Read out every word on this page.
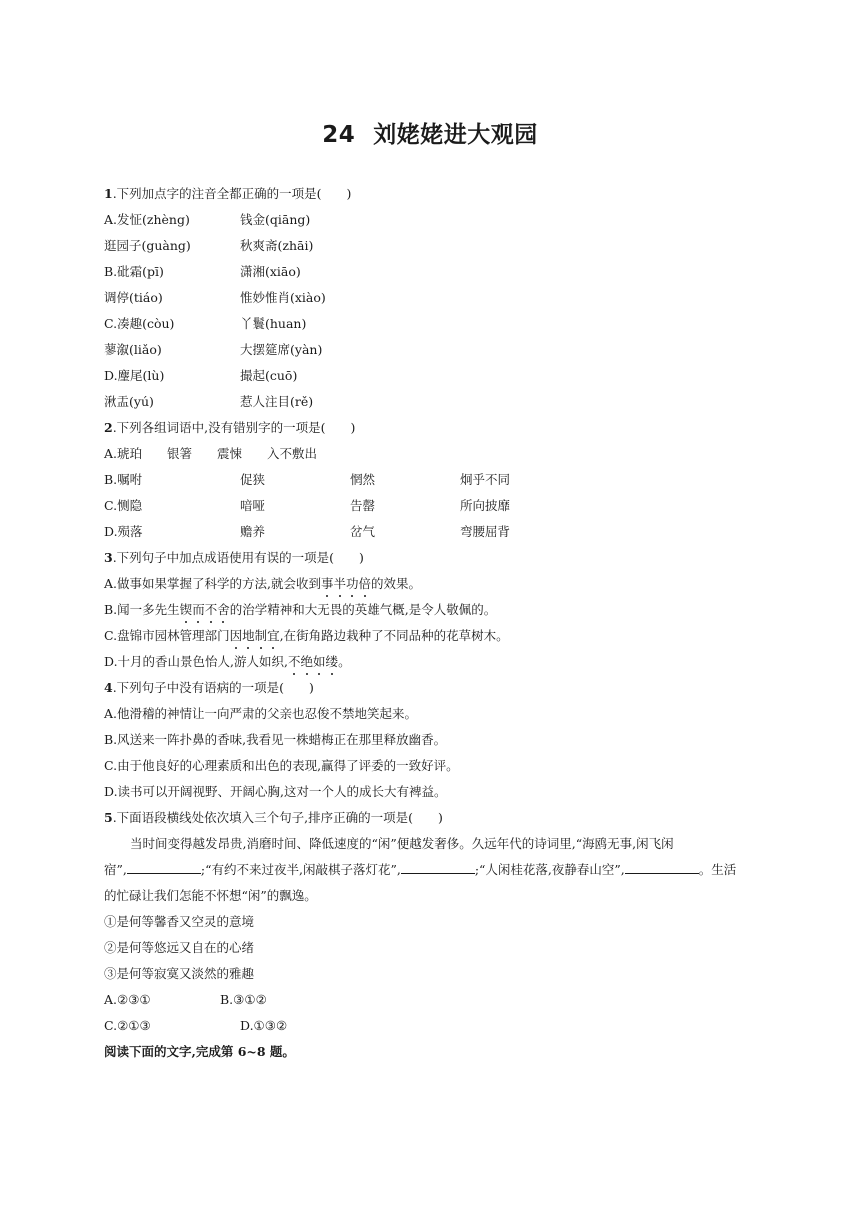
24 刘姥姥进大观园
1.下列加点字的注音全都正确的一项是(　　)
A.发怔(zhèng)	钱金(qiāng)
逛园子(guàng)	秋爽斋(zhāi)
B.砒霜(pī)	潇湘(xiāo)
调停(tiáo)	惟妙惟肖(xiào)
C.凑趣(còu)	丫鬟(huan)
蓼溆(liǎo)	大摆筵席(yàn)
D.麈尾(lù)	撮起(cuō)
湫盂(yú)	惹人注目(rě)
2.下列各组词语中,没有错别字的一项是(　　)
A.琥珀   银箸   震悚   入不敷出
B.嘱咐	促狭	惘然	炯乎不同
C.恻隐	喑哑	告罄	所向披靡
D.殒落	赡养	岔气	弯腰屈背
3.下列句子中加点成语使用有误的一项是(　　)
A.做事如果掌握了科学的方法,就会收到事半功倍的效果。
B.闻一多先生锲而不舍的治学精神和大无畏的英雄气概,是令人敬佩的。
C.盘锦市园林管理部门因地制宜,在街角路边栽种了不同品种的花草树木。
D.十月的香山景色怡人,游人如织,不绝如缕。
4.下列句子中没有语病的一项是(　　)
A.他滑稽的神情让一向严肃的父亲也忍俊不禁地笑起来。
B.风送来一阵扑鼻的香味,我看见一株蜡梅正在那里释放幽香。
C.由于他良好的心理素质和出色的表现,赢得了评委的一致好评。
D.读书可以开阔视野、开阔心胸,这对一个人的成长大有裨益。
5.下面语段横线处依次填入三个句子,排序正确的一项是(　　)
当时间变得越发昂贵,消磨时间、降低速度的“闲”便越发奢侈。久远年代的诗词里,“海鸥无事,闲飞闲
宿”,	;“有约不来过夜半,闲敲棋子落灯花”,	;“人闲桂花落,夜静春山空”,	。生活
的忙碌让我们怎能不怀想“闲”的飘逸。
①是何等馨香又空灵的意境
②是何等悠远又自在的心绪
③是何等寂寞又淡然的雅趣
A.②③①	B.③①②
C.②①③	D.①③②
阅读下面的文字,完成第 6~8 题。
